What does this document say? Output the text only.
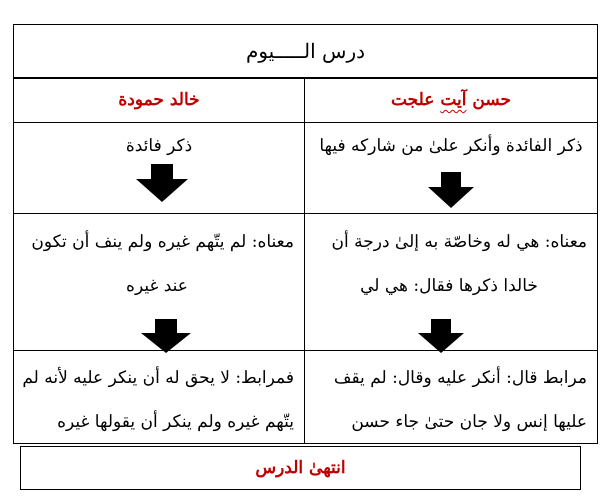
درس الـــــيوم
حسن آيت علجت
خالد حمودة
ذكر الفائدة وأنكر علىٰ من شاركه فيها
ذكر فائدة
معناه: هي له وخاصّة به إلىٰ درجة أن
خالدا ذكرها فقال: هي لي
معناه: لم يتّهم غيره ولم ينف أن تكون
عند غيره
مرابط قال: أنكر عليه وقال: لم يقف
عليها إنس ولا جان حتىٰ جاء حسن
فمرابط: لا يحق له أن ينكر عليه لأنه لم
يتّهم غيره ولم ينكر أن يقولها غيره
انتهىٰ الدرس
